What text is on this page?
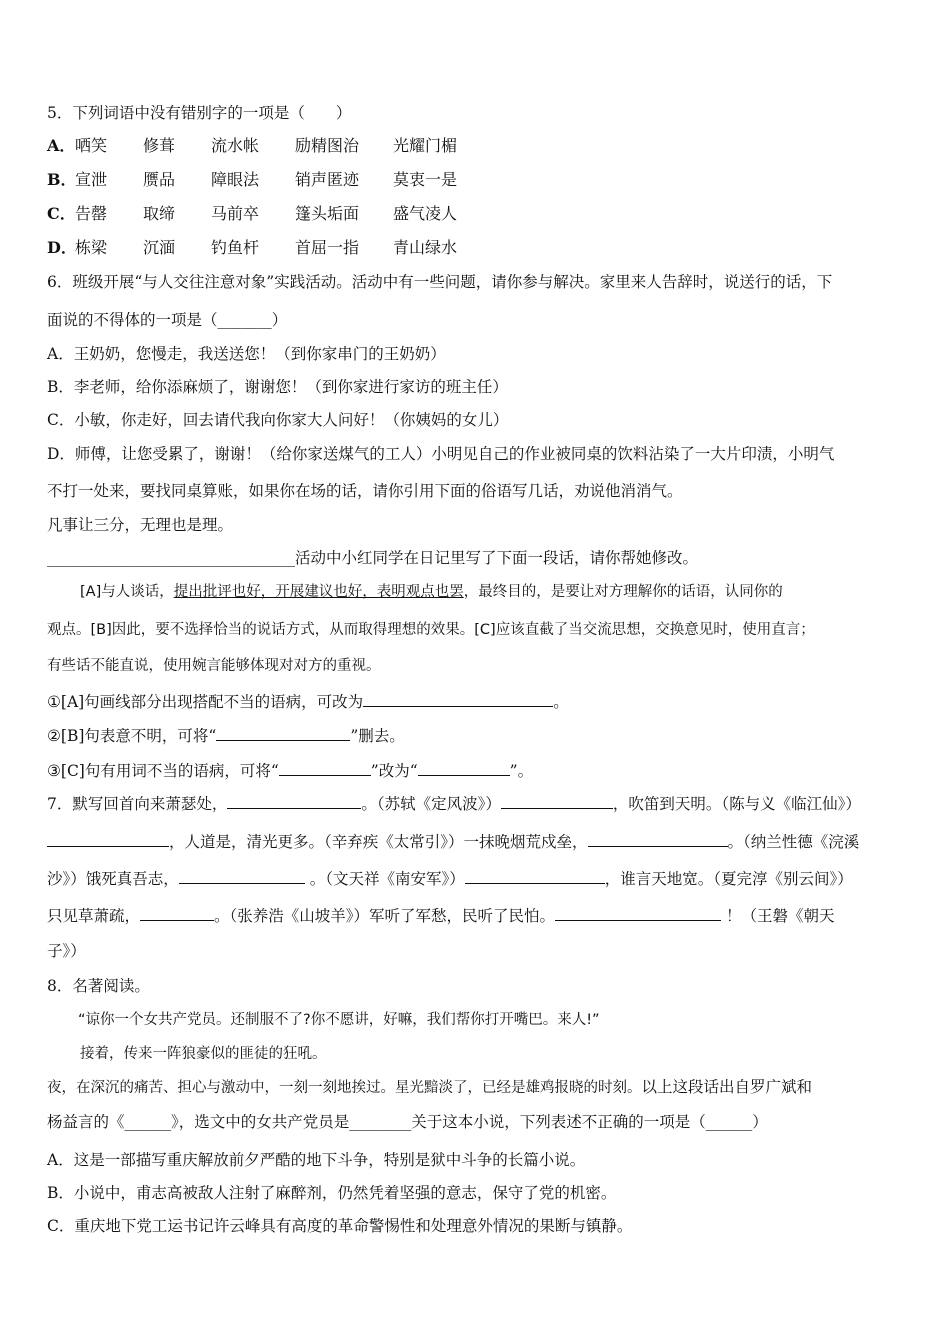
5．下列词语中没有错别字的一项是（　　）
A．哂笑 修葺 流水帐 励精图治 光耀门楣
B．宣泄 赝品 障眼法 销声匿迹 莫衷一是
C．告罄 取缔 马前卒 篷头垢面 盛气凌人
D．栋梁 沉湎 钓鱼杆 首屈一指 青山绿水
6．班级开展“与人交往注意对象”实践活动。活动中有一些问题，请你参与解决。家里来人告辞时，说送行的话，下
面说的不得体的一项是（_______）
A．王奶奶，您慢走，我送送您！（到你家串门的王奶奶）
B．李老师，给你添麻烦了，谢谢您！（到你家进行家访的班主任）
C．小敏，你走好，回去请代我向你家大人问好！（你姨妈的女儿）
D．师傅，让您受累了，谢谢！（给你家送煤气的工人）小明见自己的作业被同桌的饮料沾染了一大片印渍，小明气
不打一处来，要找同桌算账，如果你在场的话，请你引用下面的俗语写几话，劝说他消消气。
凡事让三分，无理也是理。
________________________________活动中小红同学在日记里写了下面一段话，请你帮她修改。
[A]与人谈话，提出批评也好，开展建议也好，表明观点也罢，最终目的，是要让对方理解你的话语，认同你的
观点。[B]因此，要不选择恰当的说话方式，从而取得理想的效果。[C]应该直截了当交流思想，交换意见时，使用直言；
有些话不能直说，使用婉言能够体现对对方的重视。
①[A]句画线部分出现搭配不当的语病，可改为	。
②[B]句表意不明，可将“	”删去。
③[C]句有用词不当的语病，可将“	”改为“	”。
7．默写回首向来萧瑟处，	。（苏轼《定风波》）	，吹笛到天明。（陈与义《临江仙》）
，人道是，清光更多。（辛弃疾《太常引》）一抹晚烟荒戍垒，	。（纳兰性德《浣溪
沙》）饿死真吾志，	。（文天祥《南安军》）	，谁言天地宽。（夏完淳《别云间》）
只见草萧疏，	。（张养浩《山坡羊》）军听了军愁，民听了民怕。	！（王磐《朝天
子》）
8．名著阅读。
“谅你一个女共产党员。还制服不了?你不愿讲，好嘛，我们帮你打开嘴巴。来人!”
接着，传来一阵狼豪似的匪徒的狂吼。
夜，在深沉的痛苦、担心与激动中，一刻一刻地挨过。星光黯淡了，已经是雄鸡报晓的时刻。以上这段话出自罗广斌和
杨益言的《______》，选文中的女共产党员是________关于这本小说，下列表述不正确的一项是（______）
A．这是一部描写重庆解放前夕严酷的地下斗争，特别是狱中斗争的长篇小说。
B．小说中，甫志高被敌人注射了麻醉剂，仍然凭着坚强的意志，保守了党的机密。
C．重庆地下党工运书记许云峰具有高度的革命警惕性和处理意外情况的果断与镇静。
